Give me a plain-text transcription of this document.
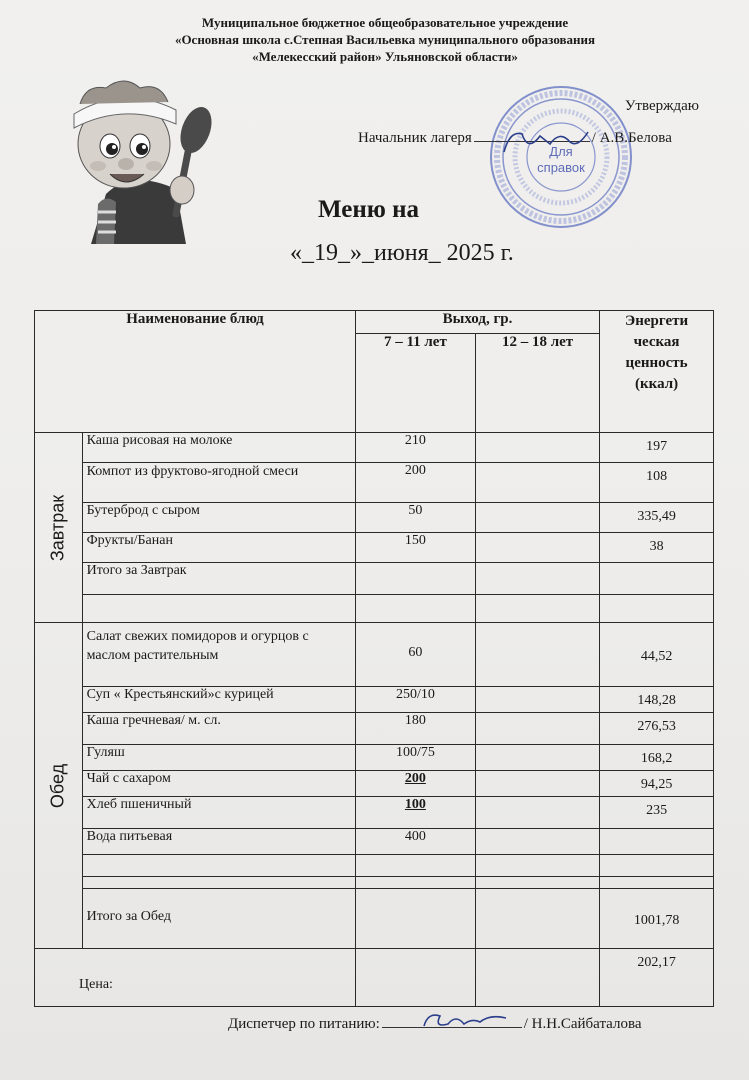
Муниципальное бюджетное общеобразовательное учреждение
«Основная школа с.Степная Васильевка муниципального образования
«Мелекесский район» Ульяновской области»
Для
справок
Утверждаю
Начальник лагеря	/ А.В.Белова
Меню на
«_19_»_июня_ 2025 г.
Наименование блюд		Выход, гр.		Энергети ческая ценность (ккал)
		7 – 11 лет	12 – 18 лет	

Завтрак	Каша рисовая на молоке	210		197
	Компот из фруктово-ягодной смеси	200		108
	Бутерброд с сыром	50		335,49
	Фрукты/Банан	150		38
	Итого за Завтрак			

Обед	Салат свежих помидоров и огурцов с маслом растительным	60		44,52
	Суп « Крестьянский»с курицей	250/10		148,28
	Каша гречневая/ м. сл.	180		276,53
	Гуляш	100/75		168,2
	Чай с сахаром	200		94,25
	Хлеб пшеничный	100		235
	Вода питьевая	400		

	Итого за Обед			1001,78
Цена:				202,17
Диспетчер по питанию:	/ Н.Н.Сайбаталова
